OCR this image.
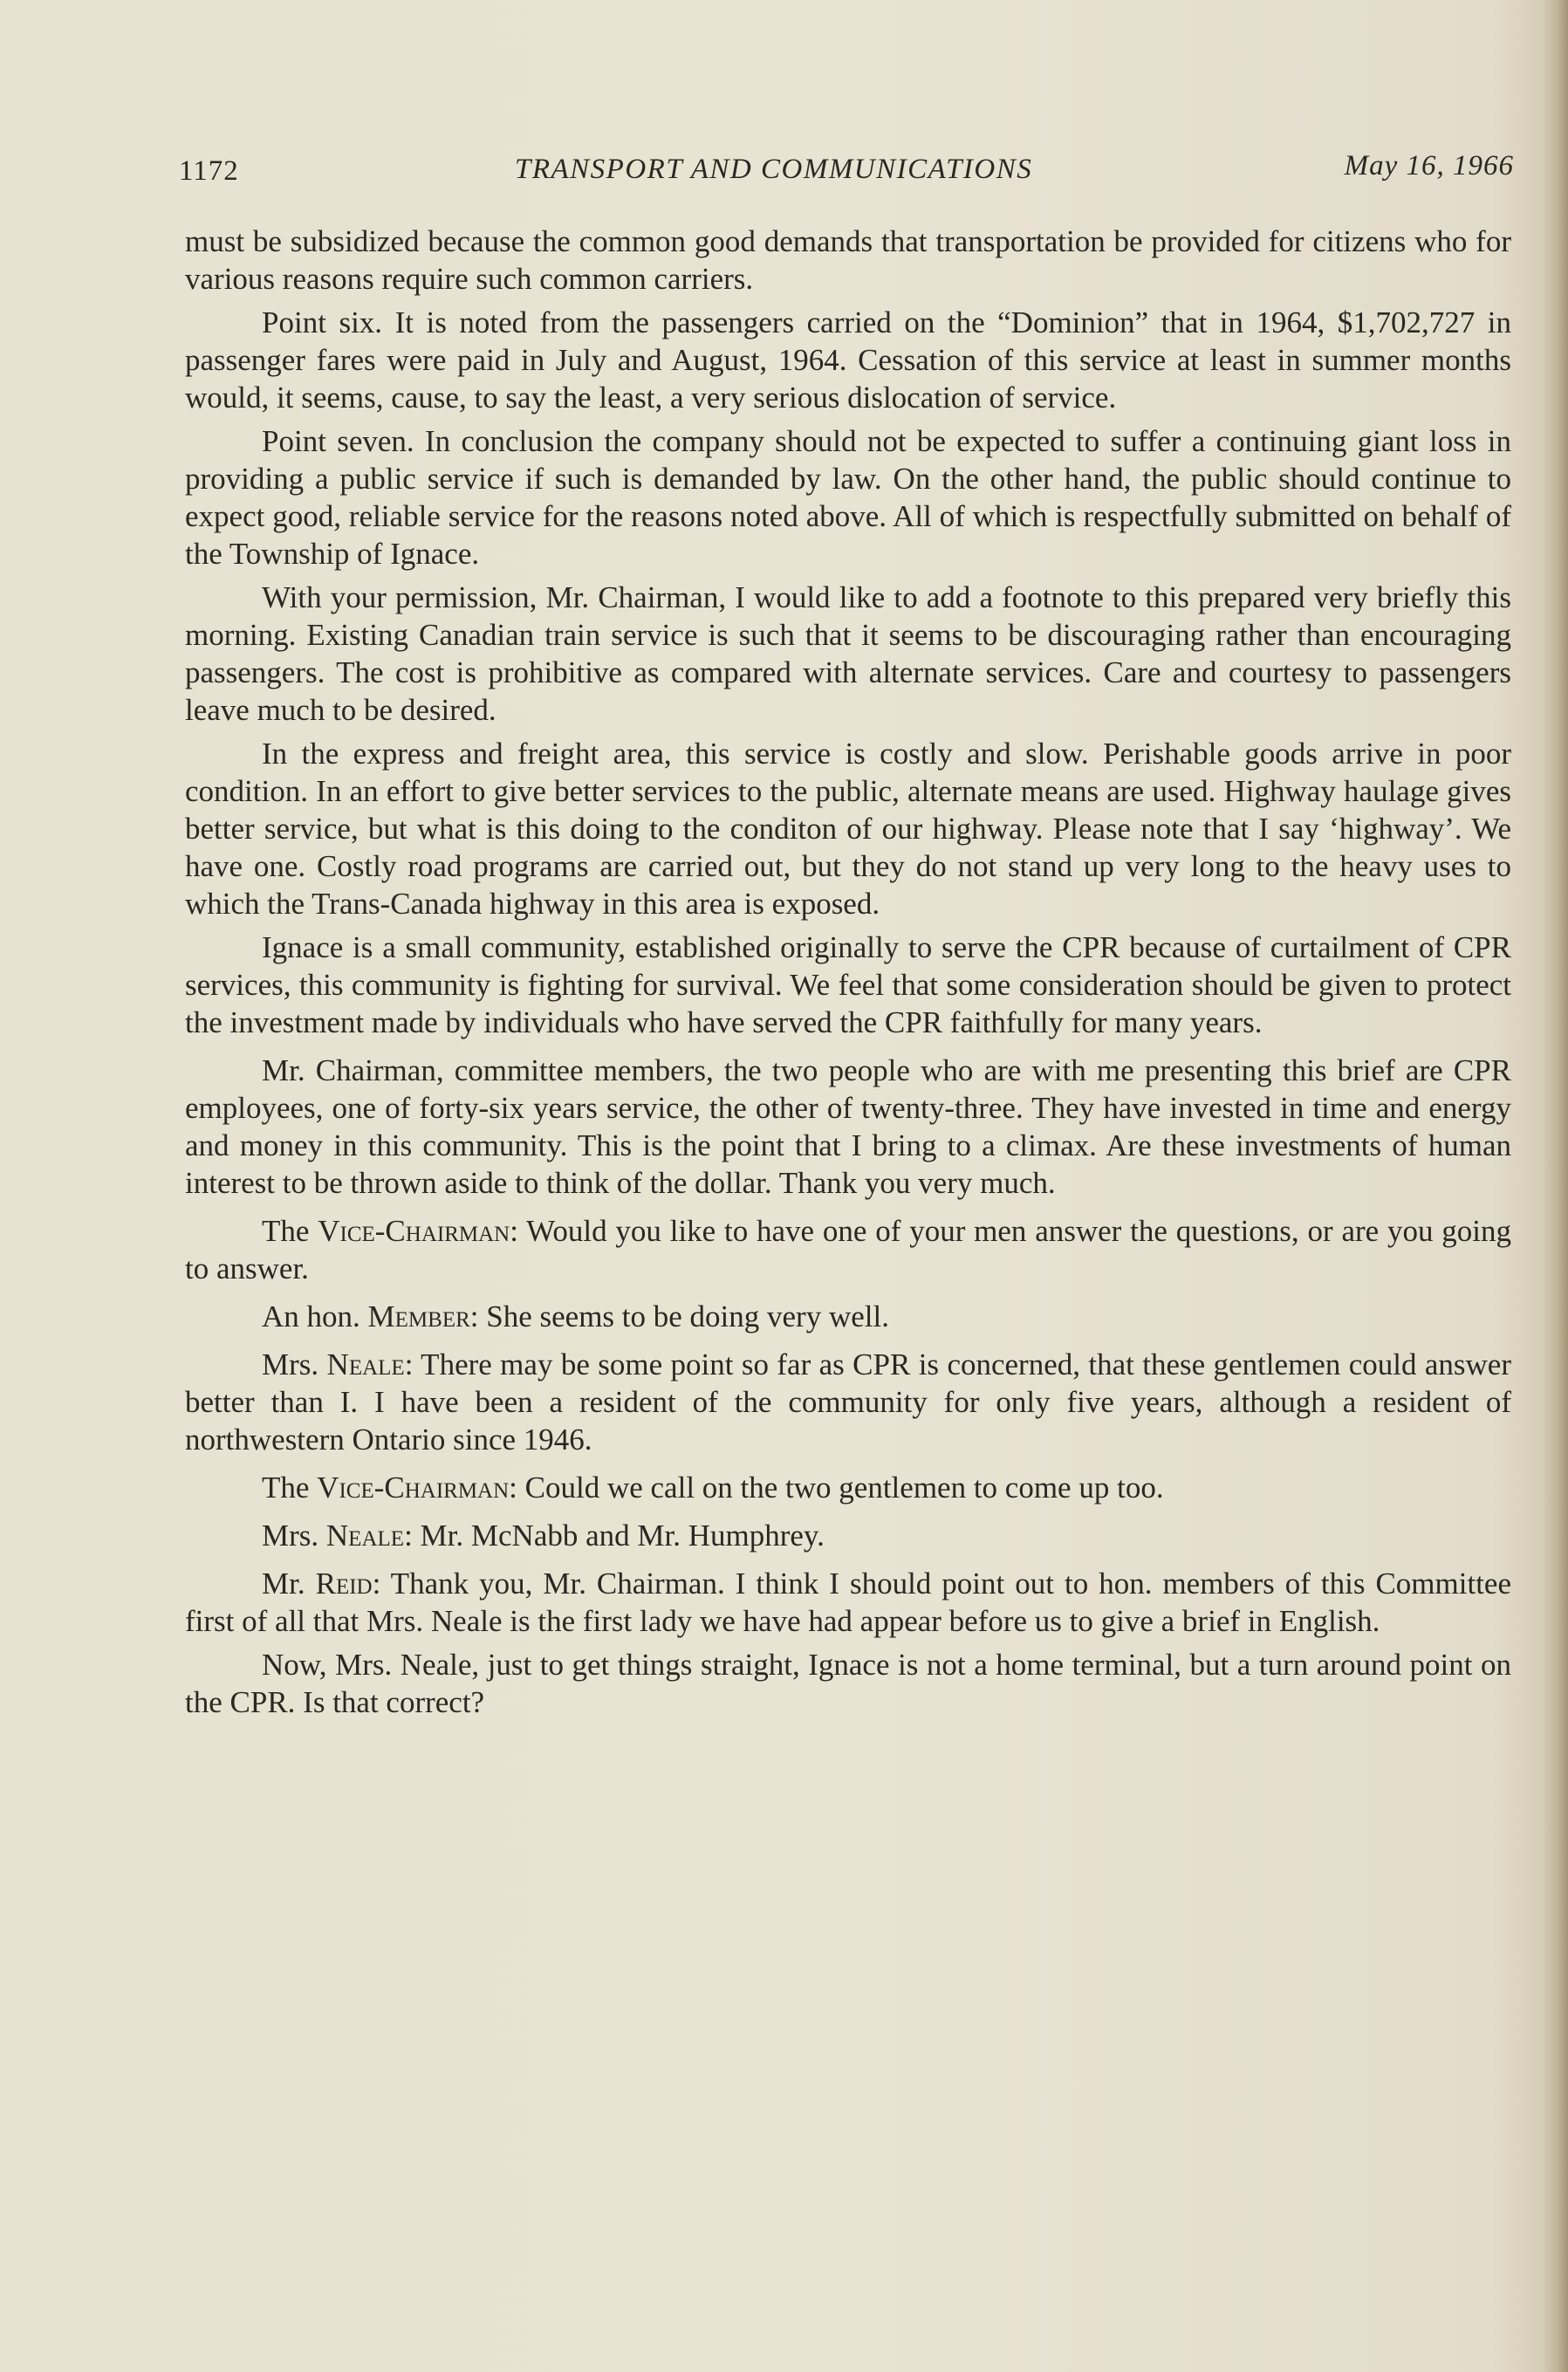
1172	TRANSPORT AND COMMUNICATIONS	May 16, 1966

must be subsidized because the common good demands that transportation be provided for citizens who for various reasons require such common carriers.

Point six. It is noted from the passengers carried on the “Dominion” that in 1964, $1,702,727 in passenger fares were paid in July and August, 1964. Cessation of this service at least in summer months would, it seems, cause, to say the least, a very serious dislocation of service.

Point seven. In conclusion the company should not be expected to suffer a continuing giant loss in providing a public service if such is demanded by law. On the other hand, the public should continue to expect good, reliable service for the reasons noted above. All of which is respectfully submitted on behalf of the Township of Ignace.

With your permission, Mr. Chairman, I would like to add a footnote to this prepared very briefly this morning. Existing Canadian train service is such that it seems to be discouraging rather than encouraging passengers. The cost is prohibitive as compared with alternate services. Care and courtesy to passengers leave much to be desired.

In the express and freight area, this service is costly and slow. Perishable goods arrive in poor condition. In an effort to give better services to the public, alternate means are used. Highway haulage gives better service, but what is this doing to the conditon of our highway. Please note that I say ‘highway’. We have one. Costly road programs are carried out, but they do not stand up very long to the heavy uses to which the Trans-Canada highway in this area is exposed.

Ignace is a small community, established originally to serve the CPR because of curtailment of CPR services, this community is fighting for survival. We feel that some consideration should be given to protect the investment made by individuals who have served the CPR faithfully for many years.

Mr. Chairman, committee members, the two people who are with me presenting this brief are CPR employees, one of forty-six years service, the other of twenty-three. They have invested in time and energy and money in this community. This is the point that I bring to a climax. Are these investments of human interest to be thrown aside to think of the dollar. Thank you very much.

The Vice-Chairman: Would you like to have one of your men answer the questions, or are you going to answer.

An hon. Member: She seems to be doing very well.

Mrs. Neale: There may be some point so far as CPR is concerned, that these gentlemen could answer better than I. I have been a resident of the community for only five years, although a resident of northwestern Ontario since 1946.

The Vice-Chairman: Could we call on the two gentlemen to come up too.

Mrs. Neale: Mr. McNabb and Mr. Humphrey.

Mr. Reid: Thank you, Mr. Chairman. I think I should point out to hon. members of this Committee first of all that Mrs. Neale is the first lady we have had appear before us to give a brief in English.

Now, Mrs. Neale, just to get things straight, Ignace is not a home terminal, but a turn around point on the CPR. Is that correct?
